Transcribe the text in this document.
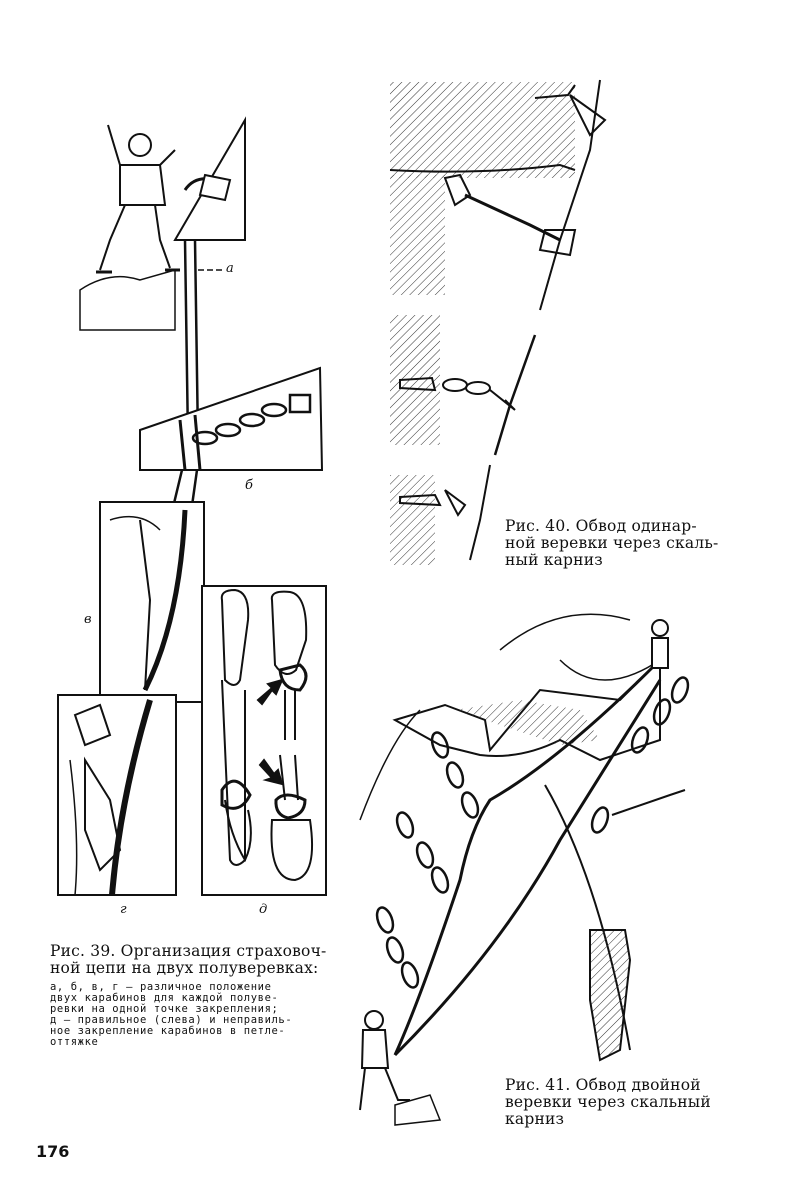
а
б
в
г	д
Рис. 39. Организация страховоч-
ной цепи на двух полуверевках:
а, б, в, г — различное положение
двух карабинов для каждой полуве-
ревки на одной точке закрепления;
д — правильное (слева) и неправиль-
ное закрепление карабинов в петле-
оттяжке
Рис. 40. Обвод одинар-
ной веревки через скаль-
ный карниз
Рис. 41. Обвод двойной
веревки через скальный
карниз
176
